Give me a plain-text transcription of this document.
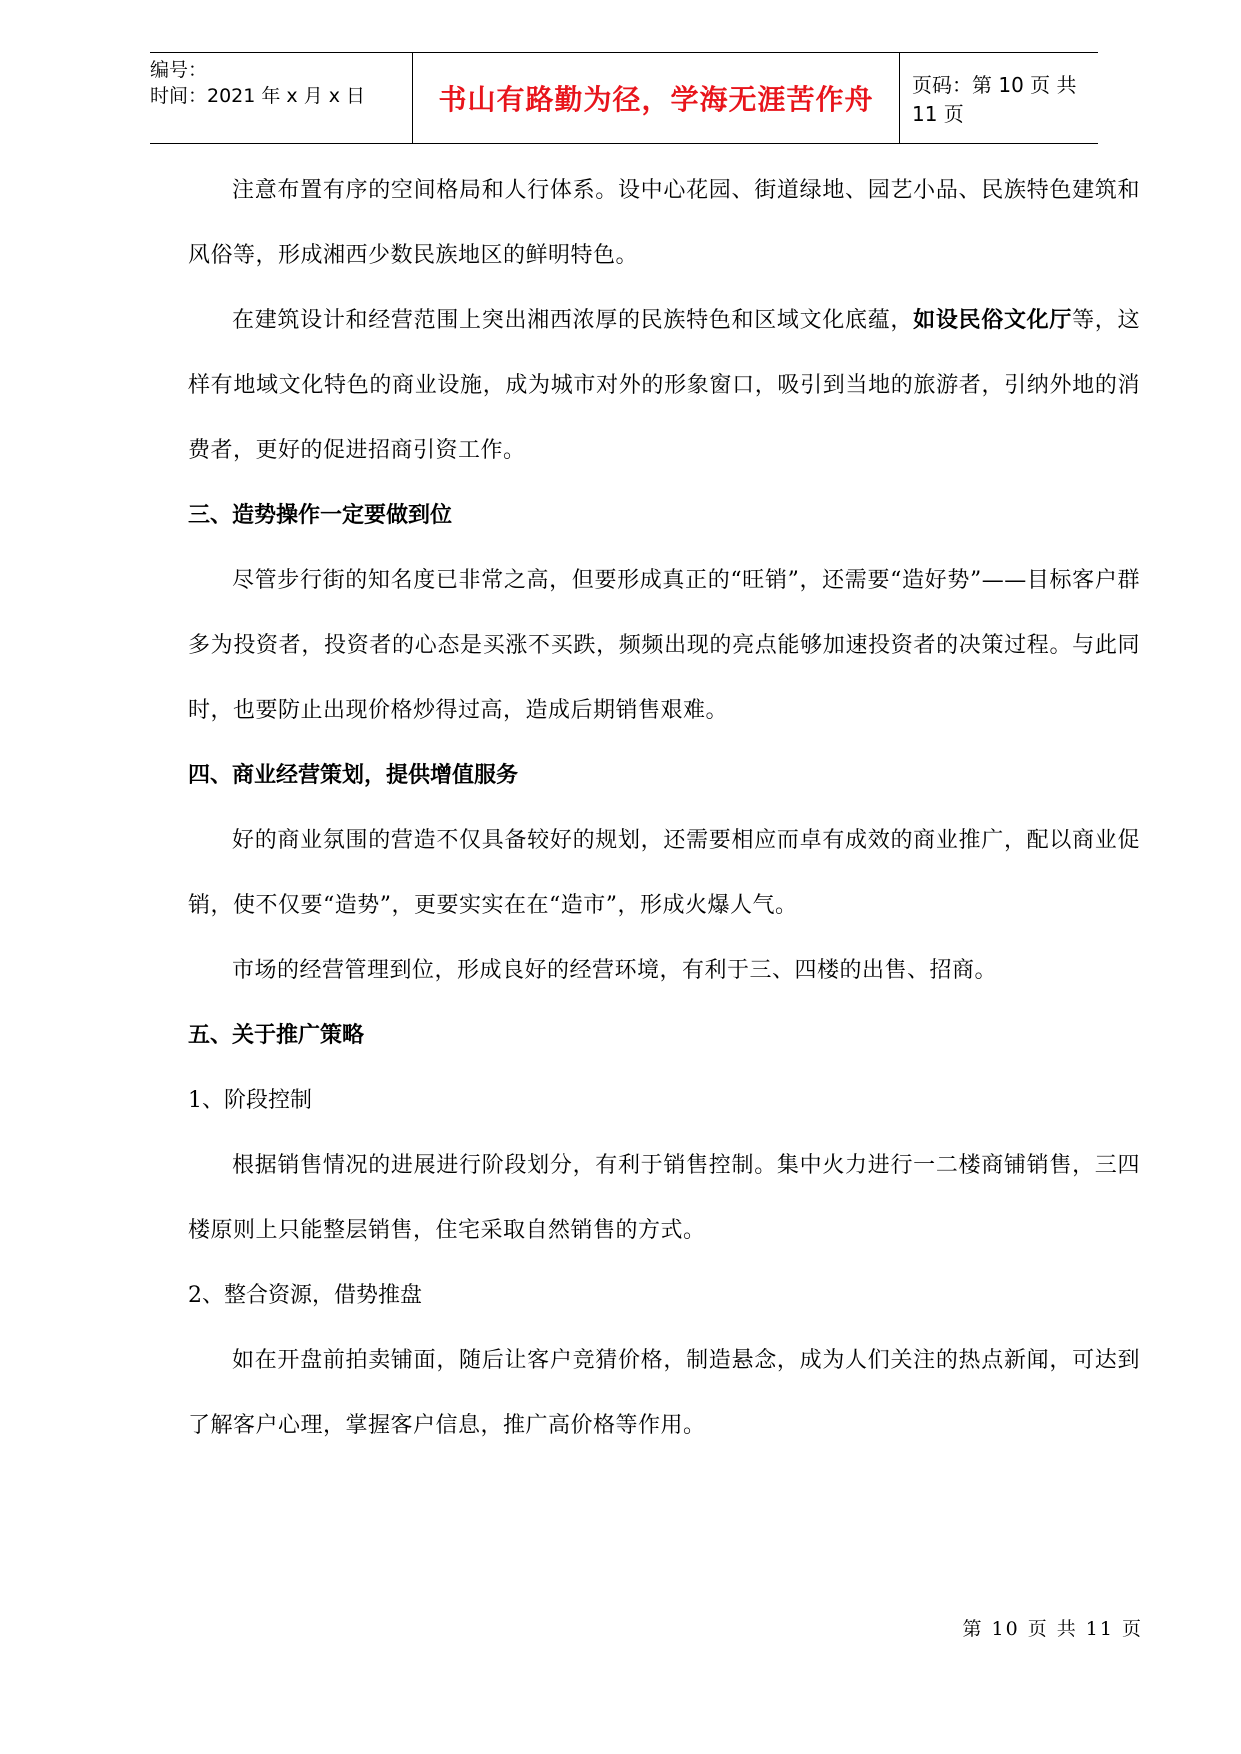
编号：
时间：2021 年 x 月 x 日	书山有路勤为径，学海无涯苦作舟	页码：第 10 页 共 11 页

注意布置有序的空间格局和人行体系。设中心花园、街道绿地、园艺小品、民族特色建筑和风俗等，形成湘西少数民族地区的鲜明特色。

在建筑设计和经营范围上突出湘西浓厚的民族特色和区域文化底蕴，如设民俗文化厅等，这样有地域文化特色的商业设施，成为城市对外的形象窗口，吸引到当地的旅游者，引纳外地的消费者，更好的促进招商引资工作。

三、造势操作一定要做到位

尽管步行街的知名度已非常之高，但要形成真正的“旺销”，还需要“造好势”——目标客户群多为投资者，投资者的心态是买涨不买跌，频频出现的亮点能够加速投资者的决策过程。与此同时，也要防止出现价格炒得过高，造成后期销售艰难。

四、商业经营策划，提供增值服务

好的商业氛围的营造不仅具备较好的规划，还需要相应而卓有成效的商业推广，配以商业促销，使不仅要“造势”，更要实实在在“造市”，形成火爆人气。

市场的经营管理到位，形成良好的经营环境，有利于三、四楼的出售、招商。

五、关于推广策略

1、阶段控制

根据销售情况的进展进行阶段划分，有利于销售控制。集中火力进行一二楼商铺销售，三四楼原则上只能整层销售，住宅采取自然销售的方式。

2、整合资源，借势推盘

如在开盘前拍卖铺面，随后让客户竞猜价格，制造悬念，成为人们关注的热点新闻，可达到了解客户心理，掌握客户信息，推广高价格等作用。

第 10 页 共 11 页
